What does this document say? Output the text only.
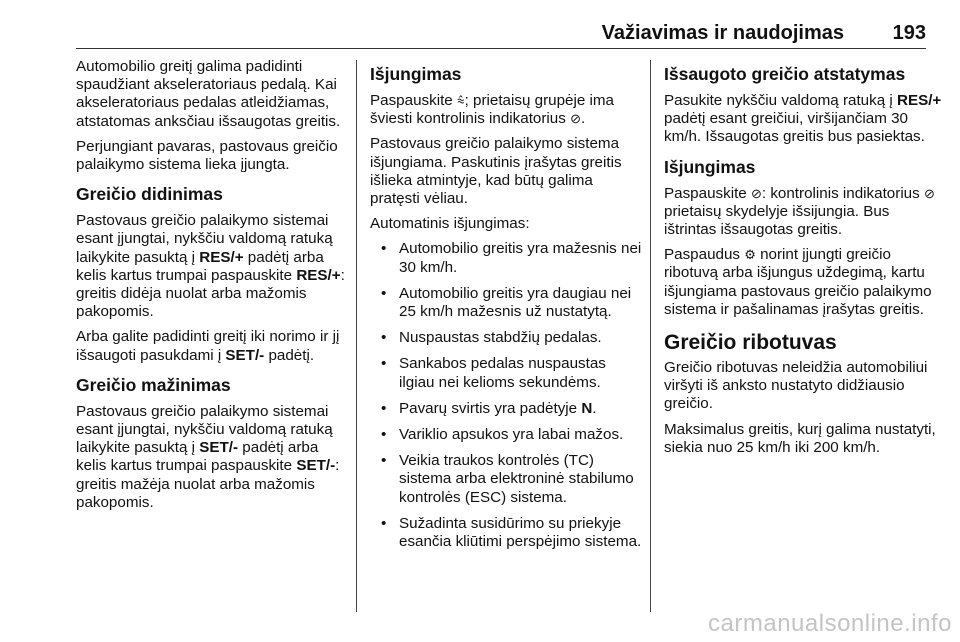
Važiavimas ir naudojimas 193

Automobilio greitį galima padidinti spaudžiant akseleratoriaus pedalą. Kai akseleratoriaus pedalas atleidžiamas, atstatomas anksčiau išsaugotas greitis.

Perjungiant pavaras, pastovaus greičio palaikymo sistema lieka įjungta.

Greičio didinimas

Pastovaus greičio palaikymo sistemai esant įjungtai, nykščiu valdomą ratuką laikykite pasuktą į RES/+ padėtį arba kelis kartus trumpai paspauskite RES/+: greitis didėja nuolat arba mažomis pakopomis.

Arba galite padidinti greitį iki norimo ir jį išsaugoti pasukdami į SET/- padėtį.

Greičio mažinimas

Pastovaus greičio palaikymo sistemai esant įjungtai, nykščiu valdomą ratuką laikykite pasuktą į SET/- padėtį arba kelis kartus trumpai paspauskite SET/-: greitis mažėja nuolat arba mažomis pakopomis.

Išjungimas

Paspauskite ⩯; prietaisų grupėje ima šviesti kontrolinis indikatorius ⊘.

Pastovaus greičio palaikymo sistema išjungiama. Paskutinis įrašytas greitis išlieka atmintyje, kad būtų galima pratęsti vėliau.

Automatinis išjungimas:

• Automobilio greitis yra mažesnis nei 30 km/h.
• Automobilio greitis yra daugiau nei 25 km/h mažesnis už nustatytą.
• Nuspaustas stabdžių pedalas.
• Sankabos pedalas nuspaustas ilgiau nei kelioms sekundėms.
• Pavarų svirtis yra padėtyje N.
• Variklio apsukos yra labai mažos.
• Veikia traukos kontrolės (TC) sistema arba elektroninė stabilumo kontrolės (ESC) sistema.
• Sužadinta susidūrimo su priekyje esančia kliūtimi perspėjimo sistema.
Išsaugoto greičio atstatymas

Pasukite nykščiu valdomą ratuką į RES/+ padėtį esant greičiui, viršijančiam 30 km/h. Išsaugotas greitis bus pasiektas.

Išjungimas

Paspauskite ⊘: kontrolinis indikatorius ⊘ prietaisų skydelyje išsijungia. Bus ištrintas išsaugotas greitis.

Paspaudus ⚙ norint įjungti greičio ribotuvą arba išjungus uždegimą, kartu išjungiama pastovaus greičio palaikymo sistema ir pašalinamas įrašytas greitis.

Greičio ribotuvas

Greičio ribotuvas neleidžia automobiliui viršyti iš anksto nustatyto didžiausio greičio.

Maksimalus greitis, kurį galima nustatyti, siekia nuo 25 km/h iki 200 km/h.

carmanualsonline.info
